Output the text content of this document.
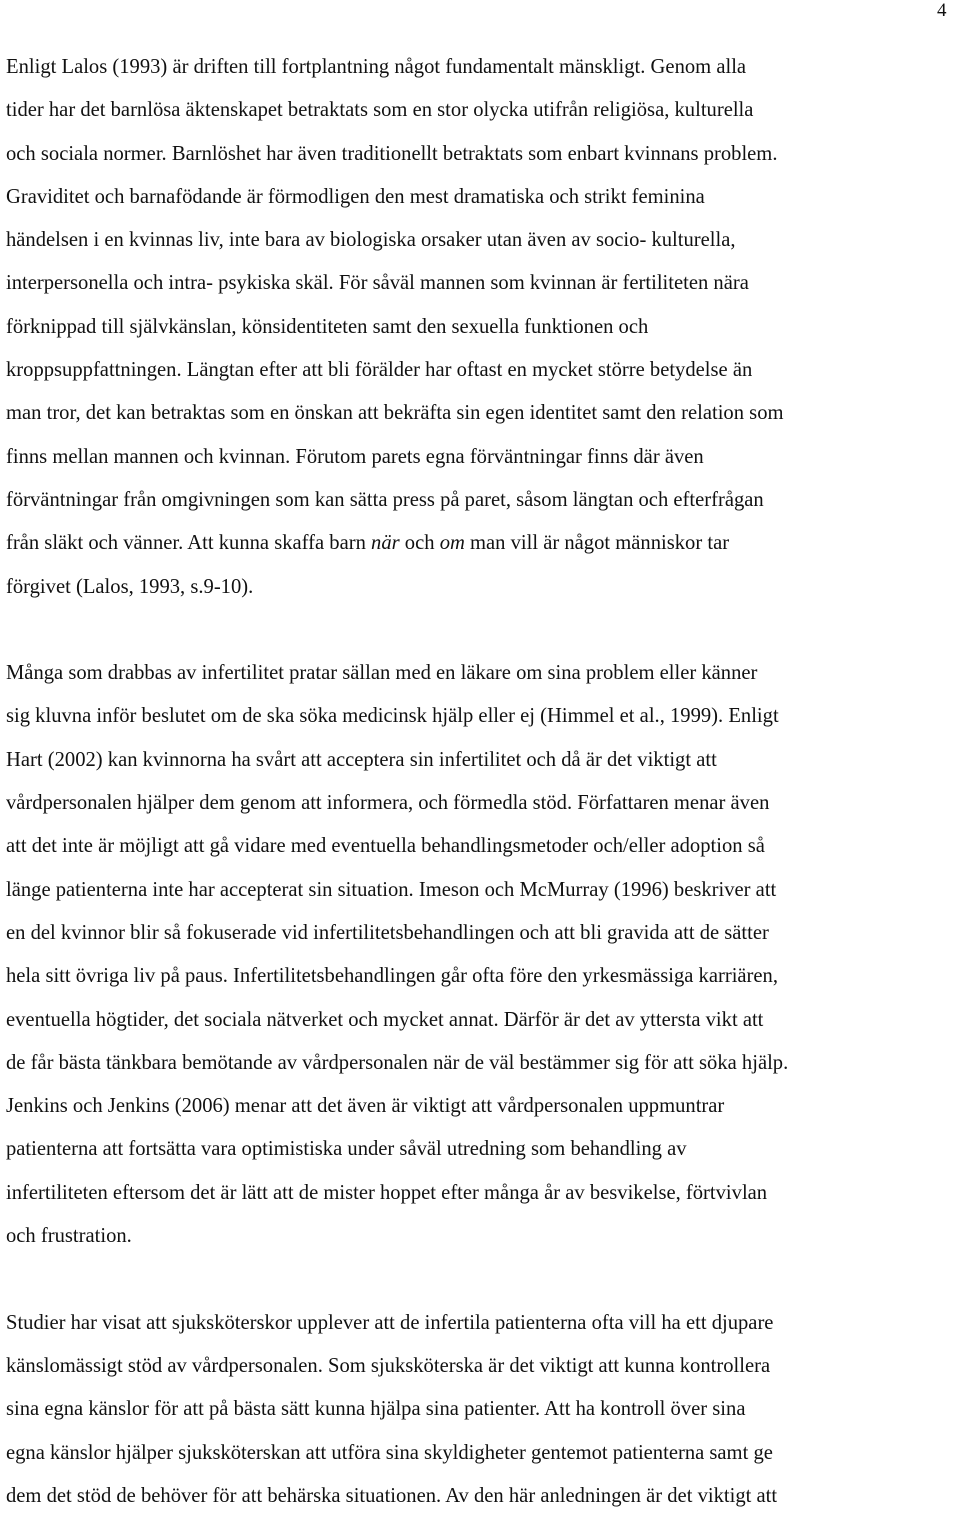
4

Enligt Lalos (1993) är driften till fortplantning något fundamentalt mänskligt. Genom alla
tider har det barnlösa äktenskapet betraktats som en stor olycka utifrån religiösa, kulturella
och sociala normer. Barnlöshet har även traditionellt betraktats som enbart kvinnans problem.
Graviditet och barnafödande är förmodligen den mest dramatiska och strikt feminina
händelsen i en kvinnas liv, inte bara av biologiska orsaker utan även av socio- kulturella,
interpersonella och intra- psykiska skäl. För såväl mannen som kvinnan är fertiliteten nära
förknippad till självkänslan, könsidentiteten samt den sexuella funktionen och
kroppsuppfattningen. Längtan efter att bli förälder har oftast en mycket större betydelse än
man tror, det kan betraktas som en önskan att bekräfta sin egen identitet samt den relation som
finns mellan mannen och kvinnan. Förutom parets egna förväntningar finns där även
förväntningar från omgivningen som kan sätta press på paret, såsom längtan och efterfrågan
från släkt och vänner. Att kunna skaffa barn när och om man vill är något människor tar
förgivet (Lalos, 1993, s.9-10).

Många som drabbas av infertilitet pratar sällan med en läkare om sina problem eller känner
sig kluvna inför beslutet om de ska söka medicinsk hjälp eller ej (Himmel et al., 1999). Enligt
Hart (2002) kan kvinnorna ha svårt att acceptera sin infertilitet och då är det viktigt att
vårdpersonalen hjälper dem genom att informera, och förmedla stöd. Författaren menar även
att det inte är möjligt att gå vidare med eventuella behandlingsmetoder och/eller adoption så
länge patienterna inte har accepterat sin situation. Imeson och McMurray (1996) beskriver att
en del kvinnor blir så fokuserade vid infertilitetsbehandlingen och att bli gravida att de sätter
hela sitt övriga liv på paus. Infertilitetsbehandlingen går ofta före den yrkesmässiga karriären,
eventuella högtider, det sociala nätverket och mycket annat. Därför är det av yttersta vikt att
de får bästa tänkbara bemötande av vårdpersonalen när de väl bestämmer sig för att söka hjälp.
Jenkins och Jenkins (2006) menar att det även är viktigt att vårdpersonalen uppmuntrar
patienterna att fortsätta vara optimistiska under såväl utredning som behandling av
infertiliteten eftersom det är lätt att de mister hoppet efter många år av besvikelse, förtvivlan
och frustration.

Studier har visat att sjuksköterskor upplever att de infertila patienterna ofta vill ha ett djupare
känslomässigt stöd av vårdpersonalen. Som sjuksköterska är det viktigt att kunna kontrollera
sina egna känslor för att på bästa sätt kunna hjälpa sina patienter. Att ha kontroll över sina
egna känslor hjälper sjuksköterskan att utföra sina skyldigheter gentemot patienterna samt ge
dem det stöd de behöver för att behärska situationen. Av den här anledningen är det viktigt att
